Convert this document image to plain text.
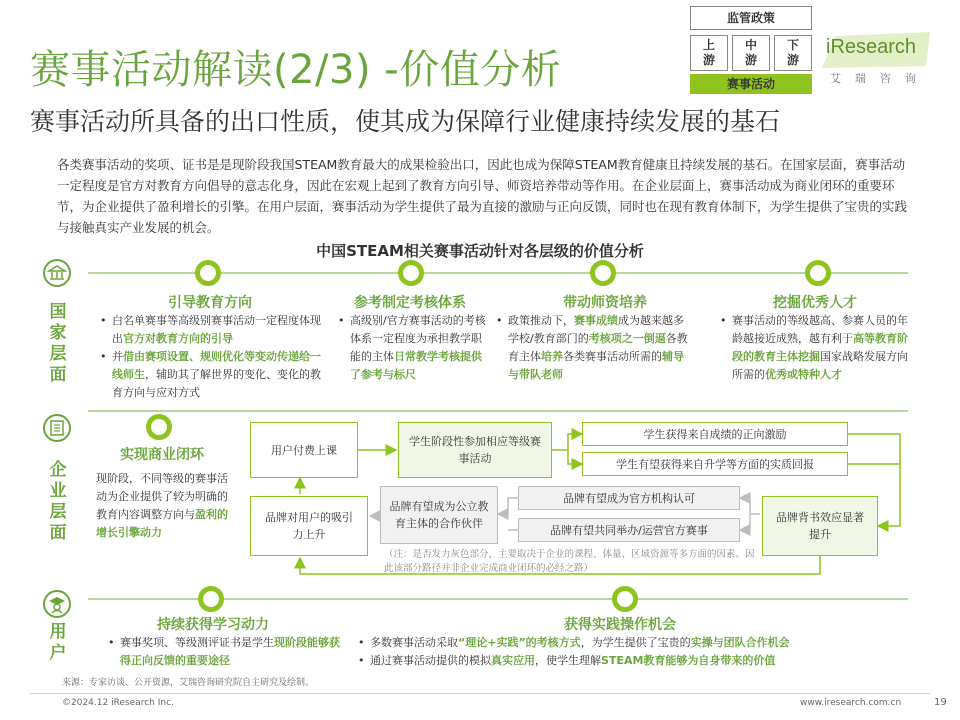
赛事活动解读(2/3) -价值分析
赛事活动所具备的出口性质，使其成为保障行业健康持续发展的基石
监管政策
上游
中游
下游
赛事活动
iResearch
艾瑞咨询
各类赛事活动的奖项、证书是是现阶段我国STEAM教育最大的成果检验出口，因此也成为保障STEAM教育健康且持续发展的基石。在国家层面，赛事活动一定程度是官方对教育方向倡导的意志化身，因此在宏观上起到了教育方向引导、师资培养带动等作用。在企业层面上，赛事活动成为商业闭环的重要环节，为企业提供了盈利增长的引擎。在用户层面，赛事活动为学生提供了最为直接的激励与正向反馈，同时也在现有教育体制下，为学生提供了宝贵的实践与接触真实产业发展的机会。
中国STEAM相关赛事活动针对各层级的价值分析
国家层面
引导教育方向
• 白名单赛事等高级别赛事活动一定程度体现出官方对教育方向的引导
• 并借由赛项设置、规则优化等变动传递给一线师生，辅助其了解世界的变化、变化的教育方向与应对方式
参考制定考核体系
• 高级别/官方赛事活动的考核体系一定程度为承担教学职能的主体日常教学考核提供了参考与标尺
带动师资培养
• 政策推动下，赛事成绩成为越来越多学校/教育部门的考核项之一倒逼各教育主体培养各类赛事活动所需的辅导与带队老师
挖掘优秀人才
• 赛事活动的等级越高、参赛人员的年龄越接近成熟，越有利于高等教育阶段的教育主体挖掘国家战略发展方向所需的优秀或特种人才
企业层面
实现商业闭环
现阶段，不同等级的赛事活动为企业提供了较为明确的教育内容调整方向与盈利的增长引擎动力
用户付费上课
学生阶段性参加相应等级赛事活动
学生获得来自成绩的正向激励
学生有望获得来自升学等方面的实质回报
品牌背书效应显著提升
品牌有望成为官方机构认可
品牌有望共同举办/运营官方赛事
品牌有望成为公立教育主体的合作伙伴
品牌对用户的吸引力上升
（注：是否发力灰色部分，主要取决于企业的课程、体量、区域资源等多方面的因素。因此该部分路径并非企业完成商业闭环的必经之路）
用户
持续获得学习动力
• 赛事奖项、等级测评证书是学生现阶段能够获得正向反馈的重要途径
获得实践操作机会
• 多数赛事活动采取“理论+实践”的考核方式，为学生提供了宝贵的实操与团队合作机会
• 通过赛事活动提供的模拟真实应用，使学生理解STEAM教育能够为自身带来的价值
来源：专家访谈、公开资源，艾瑞咨询研究院自主研究及绘制。
©2024.12 iResearch Inc.	www.iresearch.com.cn	19
